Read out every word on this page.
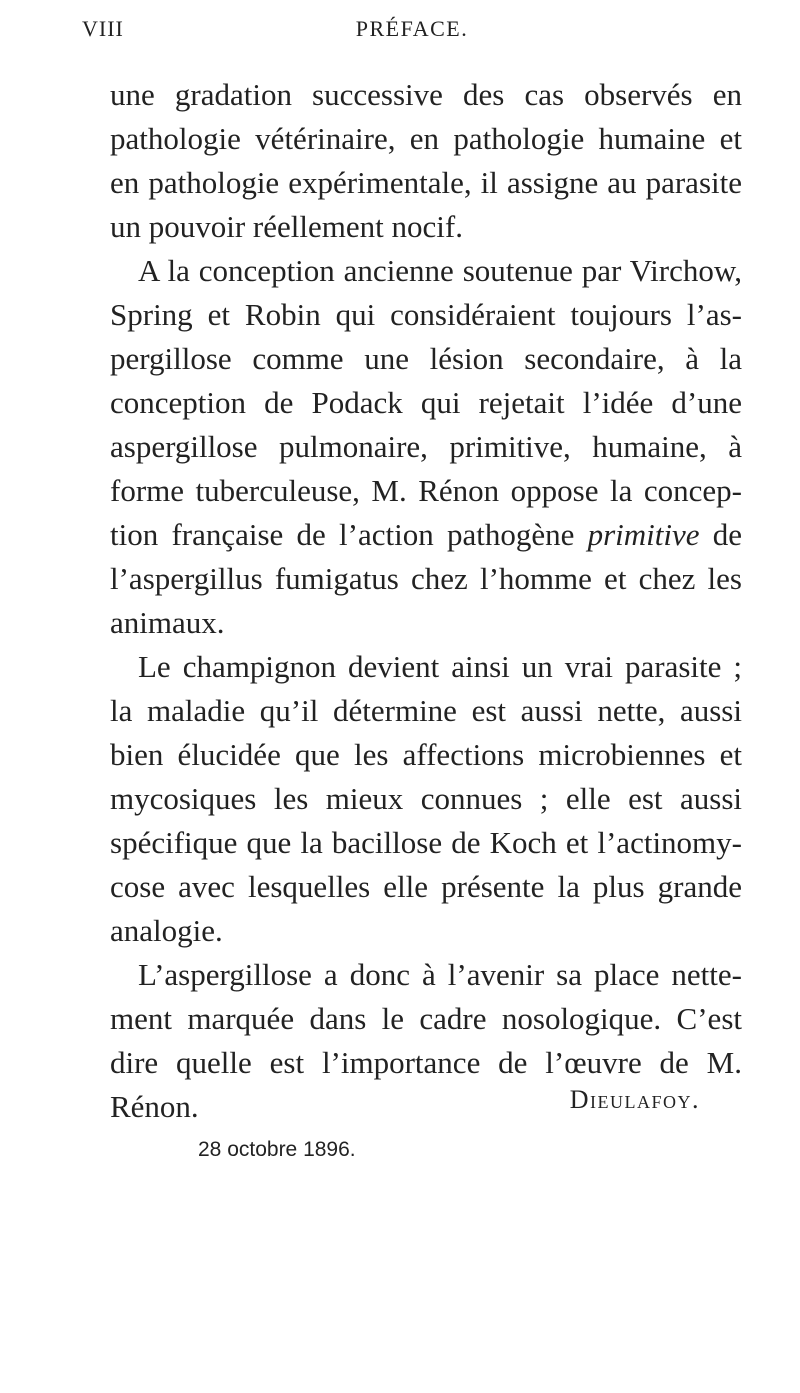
VIII	PRÉFACE.

une gradation successive des cas observés en pathologie vétérinaire, en pathologie humaine et en pathologie expérimentale, il assigne au parasite un pouvoir réellement nocif.

A la conception ancienne soutenue par Virchow, Spring et Robin qui considéraient toujours l’aspergillose comme une lésion secondaire, à la conception de Podack qui rejetait l’idée d’une aspergillose pulmonaire, primitive, humaine, à forme tuberculeuse, M. Rénon oppose la conception française de l’action pathogène primitive de l’aspergillus fumigatus chez l’homme et chez les animaux.

Le champignon devient ainsi un vrai parasite ; la maladie qu’il détermine est aussi nette, aussi bien élucidée que les affections microbiennes et mycosiques les mieux connues ; elle est aussi spécifique que la bacillose de Koch et l’actinomycose avec lesquelles elle présente la plus grande analogie.

L’aspergillose a donc à l’avenir sa place nettement marquée dans le cadre nosologique. C’est dire quelle est l’importance de l’œuvre de M. Rénon.	Dieulafoy.
28 octobre 1896.
